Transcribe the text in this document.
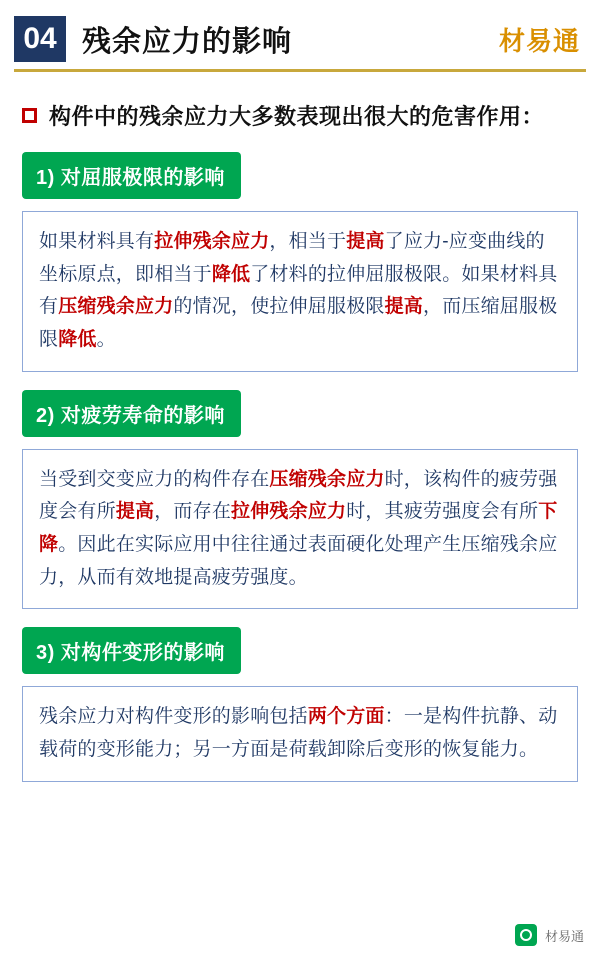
04 残余应力的影响	材易通
构件中的残余应力大多数表现出很大的危害作用：
1) 对屈服极限的影响
如果材料具有拉伸残余应力，相当于提高了应力-应变曲线的坐标原点，即相当于降低了材料的拉伸屈服极限。如果材料具有压缩残余应力的情况，使拉伸屈服极限提高，而压缩屈服极限降低。
2) 对疲劳寿命的影响
当受到交变应力的构件存在压缩残余应力时，该构件的疲劳强度会有所提高，而存在拉伸残余应力时，其疲劳强度会有所下降。因此在实际应用中往往通过表面硬化处理产生压缩残余应力，从而有效地提高疲劳强度。
3) 对构件变形的影响
残余应力对构件变形的影响包括两个方面：一是构件抗静、动载荷的变形能力；另一方面是荷载卸除后变形的恢复能力。
材易通
